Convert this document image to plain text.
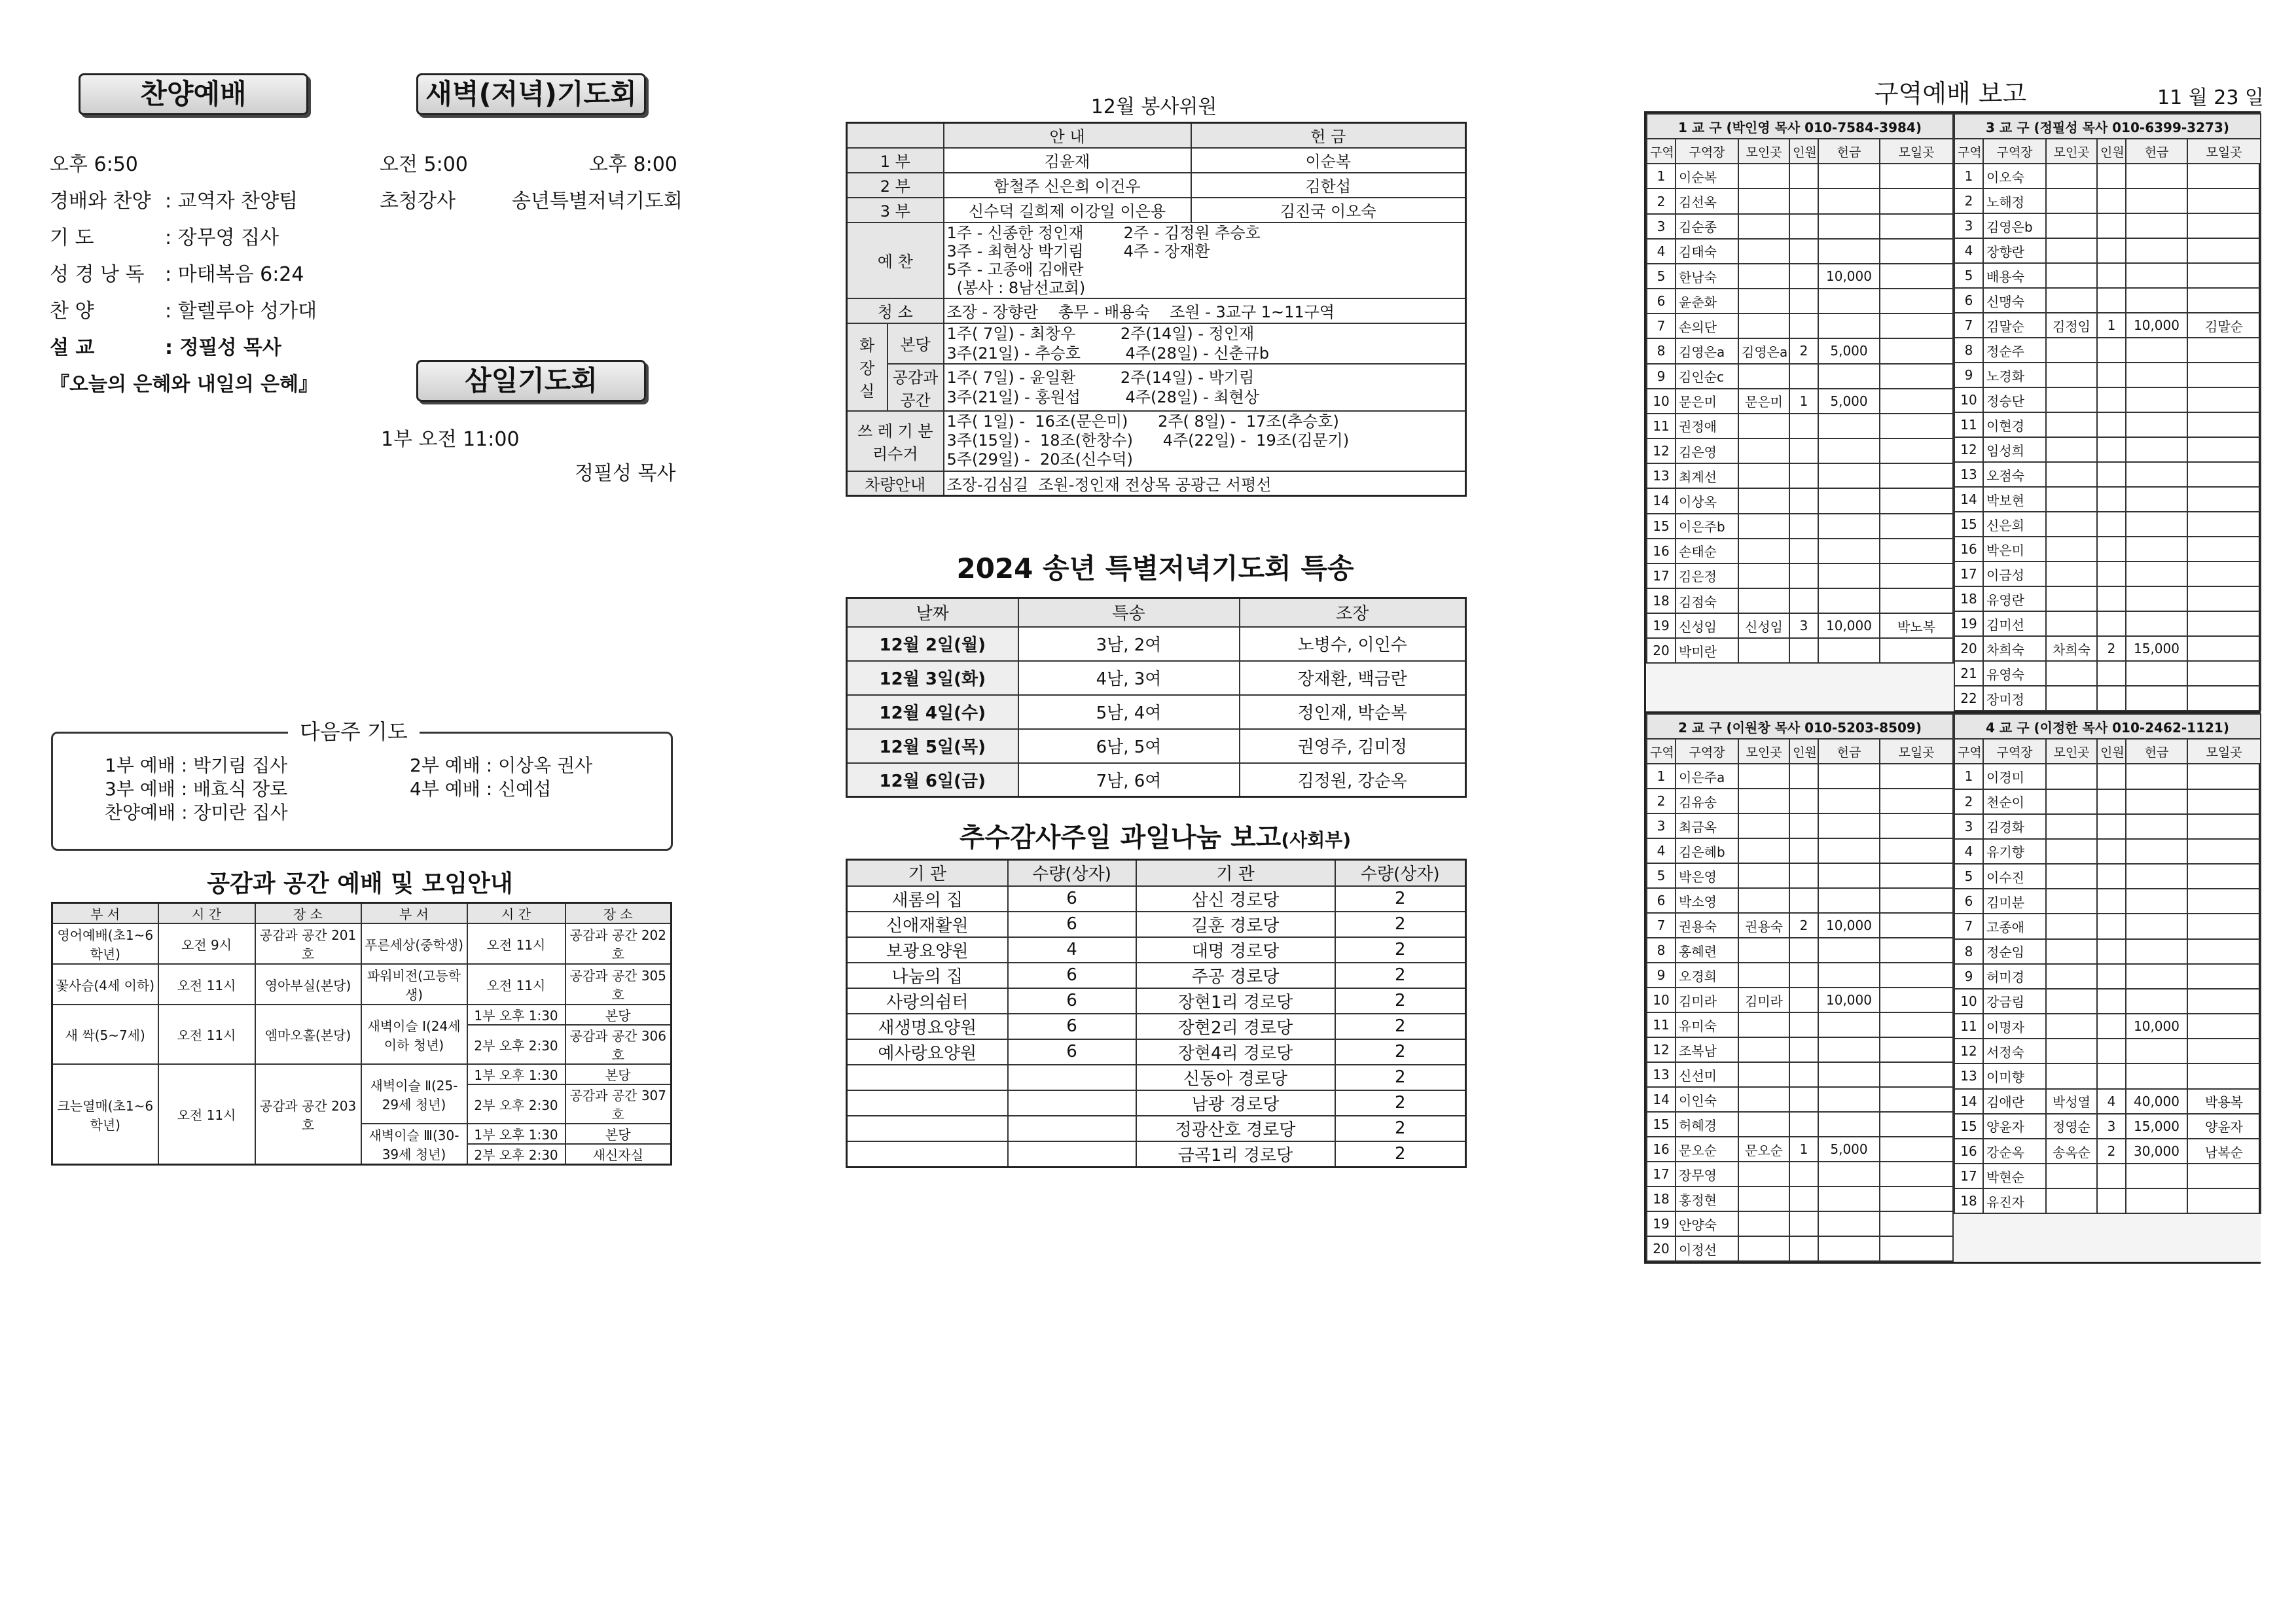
찬양예배	새벽(저녁)기도회
오후 6:50	오전 5:00	오후 8:00
경배와 찬양 : 교역자 찬양팀	초청강사	송년특별저녁기도회
기 도	: 장무영 집사
성 경 낭 독 : 마태복음 6:24
찬 양	: 할렐루야 성가대
설 교	: 정필성 목사
『오늘의 은혜와 내일의 은혜』	삼일기도회
1부 오전 11:00
정필성 목사
다음주 기도
1부 예배 : 박기림 집사	2부 예배 : 이상옥 권사
3부 예배 : 배효식 장로	4부 예배 : 신예섭
찬양예배 : 장미란 집사
공감과 공간 예배 및 모임안내
부 서	시 간	장 소	부 서	시 간	장 소
영어예배(초1~6학년)	오전 9시	공감과 공간 201호	푸른세상(중학생)	오전 11시	공감과 공간 202호
꽃사슴(4세 이하)	오전 11시	영아부실(본당)	파워비전(고등학생)	오전 11시	공감과 공간 305호
새 싹(5~7세)	오전 11시	엠마오홀(본당)	새벽이슬 I(24세 이하 청년)	1부 오후 1:30	본당
				2부 오후 2:30	공감과 공간 306호
크는열매(초1~6학년)	오전 11시	공감과 공간 203호	새벽이슬 Ⅱ(25-29세 청년)	1부 오후 1:30	본당
				2부 오후 2:30	공감과 공간 307호
			새벽이슬 Ⅲ(30-39세 청년)	1부 오후 1:30	본당
				2부 오후 2:30	새신자실
12월 봉사위원
		안 내	헌 금
1 부		김윤재	이순복
2 부		함철주 신은희 이건우	김한섭
3 부		신수덕 길희제 이강일 이은용	김진국 이오숙
예 찬		1주 - 신종한 정인재        2주 - 김정원 추승호
3주 - 최현상 박기림        4주 - 장재환
5주 - 고종애 김애란
(봉사 : 8남선교회)	

청 소		조장 - 장향란    총무 - 배용숙    조원 - 3교구 1~11구역	
화 장 실	본당	1주( 7일) - 최창우         2주(14일) - 정인재
3주(21일) - 추승호         4주(28일) - 신춘규b	

	공감과 공간	1주( 7일) - 윤일환         2주(14일) - 박기림
3주(21일) - 홍원섭         4주(28일) - 최현상	

쓰 레 기 분리수거		1주( 1일) -  16조(문은미)      2주( 8일) -  17조(추승호)
3주(15일) -  18조(한창수)      4주(22일) -  19조(김문기)
5주(29일) -  20조(신수덕)	

차량안내		조장-김심길  조원-정인재 전상목 공광근 서평선	
2024 송년 특별저녁기도회 특송
날짜	특송	조장
12월 2일(월)	3남, 2여	노병수, 이인수
12월 3일(화)	4남, 3여	장재환, 백금란
12월 4일(수)	5남, 4여	정인재, 박순복
12월 5일(목)	6남, 5여	권영주, 김미정
12월 6일(금)	7남, 6여	김정원, 강순옥
추수감사주일 과일나눔 보고(사회부)
기 관	수량(상자)	기 관	수량(상자)
새롬의 집	6	삼신 경로당	2
신애재활원	6	길훈 경로당	2
보광요양원	4	대명 경로당	2
나눔의 집	6	주공 경로당	2
사랑의쉼터	6	장현1리 경로당	2
새생명요양원	6	장현2리 경로당	2
예사랑요양원	6	장현4리 경로당	2
		신동아 경로당	2
		남광 경로당	2
		정광산호 경로당	2
		금곡1리 경로당	2
구역예배 보고	11 월 23 일
1 교 구 (박인영 목사 010-7584-3984)					
구역	구역장	모인곳	인원	헌금	모일곳
1	이순복				
2	김선옥				
3	김순종				
4	김태숙				
5	한남숙			10,000	
6	윤춘화				
7	손의단				
8	김영은a	김영은a	2	5,000	
9	김인순c				
10	문은미	문은미	1	5,000	
11	권정애				
12	김은영				
13	최계선				
14	이상옥				
15	이은주b				
16	손태순				
17	김은정				
18	김점숙				
19	신성임	신성임	3	10,000	박노복
20	박미란				

3 교 구 (정필성 목사 010-6399-3273)					
구역	구역장	모인곳	인원	헌금	모일곳
1	이오숙				
2	노해정				
3	김영은b				
4	장향란				
5	배용숙				
6	신맹숙				
7	김말순	김정임	1	10,000	김말순
8	정순주				
9	노경화				
10	정승단				
11	이현경				
12	임성희				
13	오점숙				
14	박보현				
15	신은희				
16	박은미				
17	이금성				
18	유영란				
19	김미선				
20	차희숙	차희숙	2	15,000	
21	유영숙				
22	장미정				
2 교 구 (이원창 목사 010-5203-8509)					
구역	구역장	모인곳	인원	헌금	모일곳
1	이은주a				
2	김유송				
3	최금옥				
4	김은혜b				
5	박은영				
6	박소영				
7	권용숙	권용숙	2	10,000	
8	홍혜련				
9	오경희				
10	김미라	김미라		10,000	
11	유미숙				
12	조복남				
13	신선미				
14	이인숙				
15	허혜경				
16	문오순	문오순	1	5,000	
17	장무영				
18	홍정현				
19	안양숙				
20	이정선				
4 교 구 (이정한 목사 010-2462-1121)					
구역	구역장	모인곳	인원	헌금	모일곳
1	이경미				
2	천순이				
3	김경화				
4	유기향				
5	이수진				
6	김미분				
7	고종애				
8	정순임				
9	허미경				
10	강금림				
11	이명자			10,000	
12	서정숙				
13	이미향				
14	김애란	박성열	4	40,000	박용복
15	양윤자	정영순	3	15,000	양윤자
16	강순옥	송옥순	2	30,000	남복순
17	박현순				
18	유진자				
